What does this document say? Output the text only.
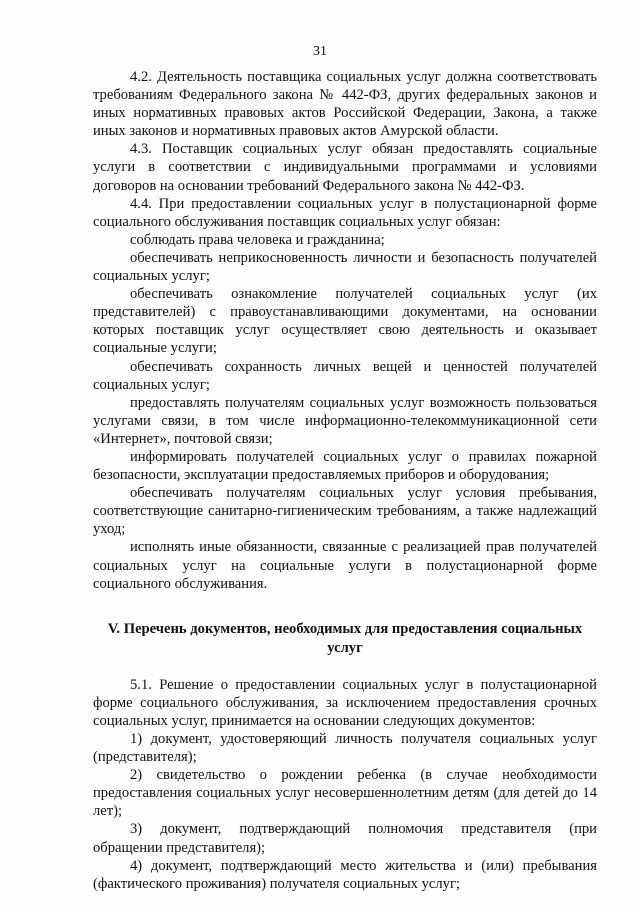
31

4.2. Деятельность поставщика социальных услуг должна соответствовать требованиям Федерального закона № 442-ФЗ, других федеральных законов и иных нормативных правовых актов Российской Федерации, Закона, а также иных законов и нормативных правовых актов Амурской области.

4.3. Поставщик социальных услуг обязан предоставлять социальные услуги в соответствии с индивидуальными программами и условиями договоров на основании требований Федерального закона № 442-ФЗ.

4.4. При предоставлении социальных услуг в полустационарной форме социального обслуживания поставщик социальных услуг обязан:

соблюдать права человека и гражданина;

обеспечивать неприкосновенность личности и безопасность получателей социальных услуг;

обеспечивать ознакомление получателей социальных услуг (их представителей) с правоустанавливающими документами, на основании которых поставщик услуг осуществляет свою деятельность и оказывает социальные услуги;

обеспечивать сохранность личных вещей и ценностей получателей социальных услуг;

предоставлять получателям социальных услуг возможность пользоваться услугами связи, в том числе информационно-телекоммуникационной сети «Интернет», почтовой связи;

информировать получателей социальных услуг о правилах пожарной безопасности, эксплуатации предоставляемых приборов и оборудования;

обеспечивать получателям социальных услуг условия пребывания, соответствующие санитарно-гигиеническим требованиям, а также надлежащий уход;

исполнять иные обязанности, связанные с реализацией прав получателей социальных услуг на социальные услуги в полустационарной форме социального обслуживания.

V. Перечень документов, необходимых для предоставления социальных услуг

5.1. Решение о предоставлении социальных услуг в полустационарной форме социального обслуживания, за исключением предоставления срочных социальных услуг, принимается на основании следующих документов:

1) документ, удостоверяющий личность получателя социальных услуг (представителя);

2) свидетельство о рождении ребенка (в случае необходимости предоставления социальных услуг несовершеннолетним детям (для детей до 14 лет);

3) документ, подтверждающий полномочия представителя (при обращении представителя);

4) документ, подтверждающий место жительства и (или) пребывания (фактического проживания) получателя социальных услуг;
